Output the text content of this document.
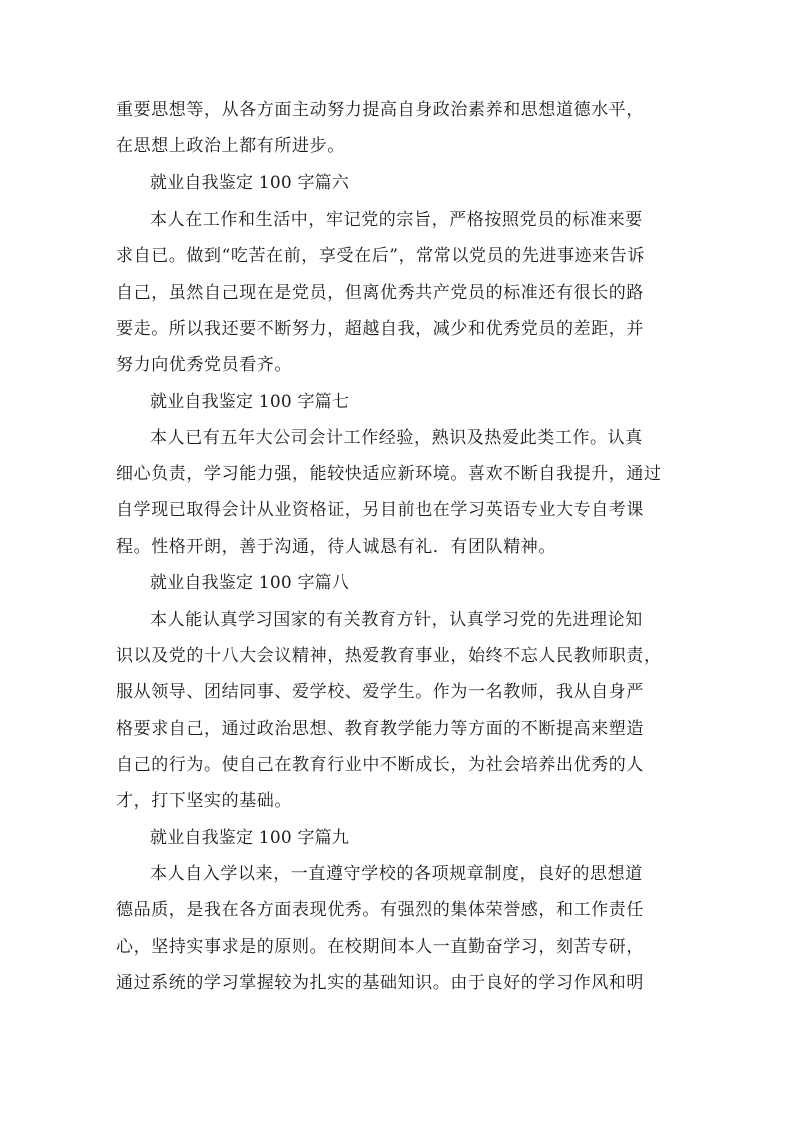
重要思想等，从各方面主动努力提高自身政治素养和思想道德水平，
在思想上政治上都有所进步。
就业自我鉴定 100 字篇六
本人在工作和生活中，牢记党的宗旨，严格按照党员的标准来要
求自已。做到“吃苦在前，享受在后”，常常以党员的先进事迹来告诉
自己，虽然自己现在是党员，但离优秀共产党员的标准还有很长的路
要走。所以我还要不断努力，超越自我，减少和优秀党员的差距，并
努力向优秀党员看齐。
就业自我鉴定 100 字篇七
本人已有五年大公司会计工作经验，熟识及热爱此类工作。认真
细心负责，学习能力强，能较快适应新环境。喜欢不断自我提升，通过
自学现已取得会计从业资格证，另目前也在学习英语专业大专自考课
程。性格开朗，善于沟通，待人诚恳有礼．有团队精神。
就业自我鉴定 100 字篇八
本人能认真学习国家的有关教育方针，认真学习党的先进理论知
识以及党的十八大会议精神，热爱教育事业，始终不忘人民教师职责，
服从领导、团结同事、爱学校、爱学生。作为一名教师，我从自身严
格要求自己，通过政治思想、教育教学能力等方面的不断提高来塑造
自己的行为。使自己在教育行业中不断成长，为社会培养出优秀的人
才，打下坚实的基础。
就业自我鉴定 100 字篇九
本人自入学以来，一直遵守学校的各项规章制度，良好的思想道
德品质，是我在各方面表现优秀。有强烈的集体荣誉感，和工作责任
心，坚持实事求是的原则。在校期间本人一直勤奋学习，刻苦专研，
通过系统的学习掌握较为扎实的基础知识。由于良好的学习作风和明
